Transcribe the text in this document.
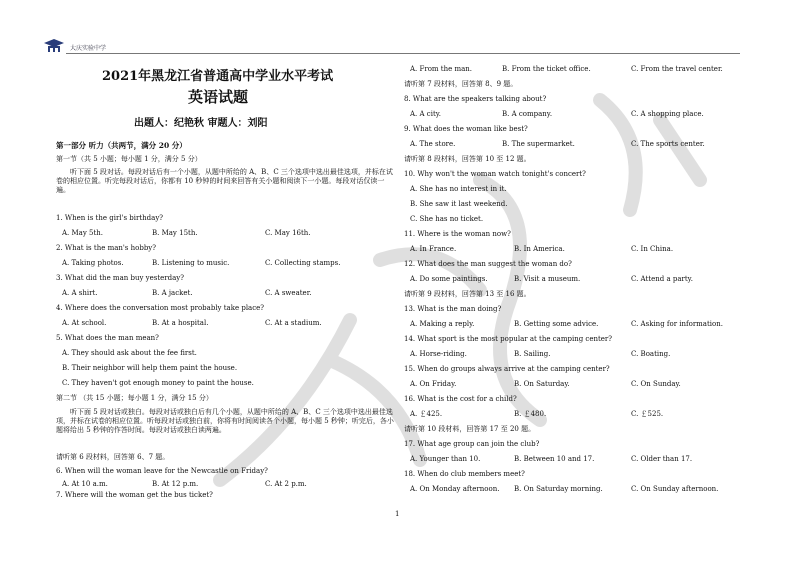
大庆实验中学
2021年黑龙江省普通高中学业水平考试
英语试题
出题人：纪艳秋 审题人：刘阳
第一部分 听力（共两节，满分 20 分）
第一节（共 5 小题；每小题 1 分，满分 5 分）
听下面 5 段对话。每段对话后有一个小题，从题中所给的 A、B、C 三个选项中选出最佳选项，并标在试卷的相应位置。听完每段对话后，你都有 10 秒钟的时间来回答有关小题和阅读下一小题。每段对话仅读一遍。
1. When is the girl's birthday?
A. May 5th.	B. May 15th.	C. May 16th.
2. What is the man's hobby?
A. Taking photos.	B. Listening to music.	C. Collecting stamps.
3. What did the man buy yesterday?
A. A shirt.	B. A jacket.	C. A sweater.
4. Where does the conversation most probably take place?
A. At school.	B. At a hospital.	C. At a stadium.
5. What does the man mean?
A. They should ask about the fee first.
B. Their neighbor will help them paint the house.
C. They haven't got enough money to paint the house.
第二节 （共 15 小题；每小题 1 分，满分 15 分）
听下面 5 段对话或独白。每段对话或独白后有几个小题，从题中所给的 A、B、C 三个选项中选出最佳选项，并标在试卷的相应位置。听每段对话或独白前，你将有时间阅读各个小题，每小题 5 秒钟；听完后，各小题将给出 5 秒钟的作答时间。每段对话或独白读两遍。
请听第 6 段材料，回答第 6、7 题。
6. When will the woman leave for the Newcastle on Friday?
A. At 10 a.m.	B. At 12 p.m.	C. At 2 p.m.
7. Where will the woman get the bus ticket?
A. From the man.	B. From the ticket office.	C. From the travel center.
请听第 7 段材料，回答第 8、9 题。
8. What are the speakers talking about?
A. A city.	B. A company.	C. A shopping place.
9. What does the woman like best?
A. The store.	B. The supermarket.	C. The sports center.
请听第 8 段材料，回答第 10 至 12 题。
10. Why won't the woman watch tonight's concert?
A. She has no interest in it.
B. She saw it last weekend.
C. She has no ticket.
11. Where is the woman now?
A. In France.	B. In America.	C. In China.
12. What does the man suggest the woman do?
A. Do some paintings.	B. Visit a museum.	C. Attend a party.
请听第 9 段材料，回答第 13 至 16 题。
13. What is the man doing?
A. Making a reply.	B. Getting some advice.	C. Asking for information.
14. What sport is the most popular at the camping center?
A. Horse-riding.	B. Sailing.	C. Boating.
15. When do groups always arrive at the camping center?
A. On Friday.	B. On Saturday.	C. On Sunday.
16. What is the cost for a child?
A. ￡425.	B. ￡480.	C. ￡525.
请听第 10 段材料，回答第 17 至 20 题。
17. What age group can join the club?
A. Younger than 10.	B. Between 10 and 17.	C. Older than 17.
18. When do club members meet?
A. On Monday afternoon. B. On Saturday morning.	C. On Sunday afternoon.
1
